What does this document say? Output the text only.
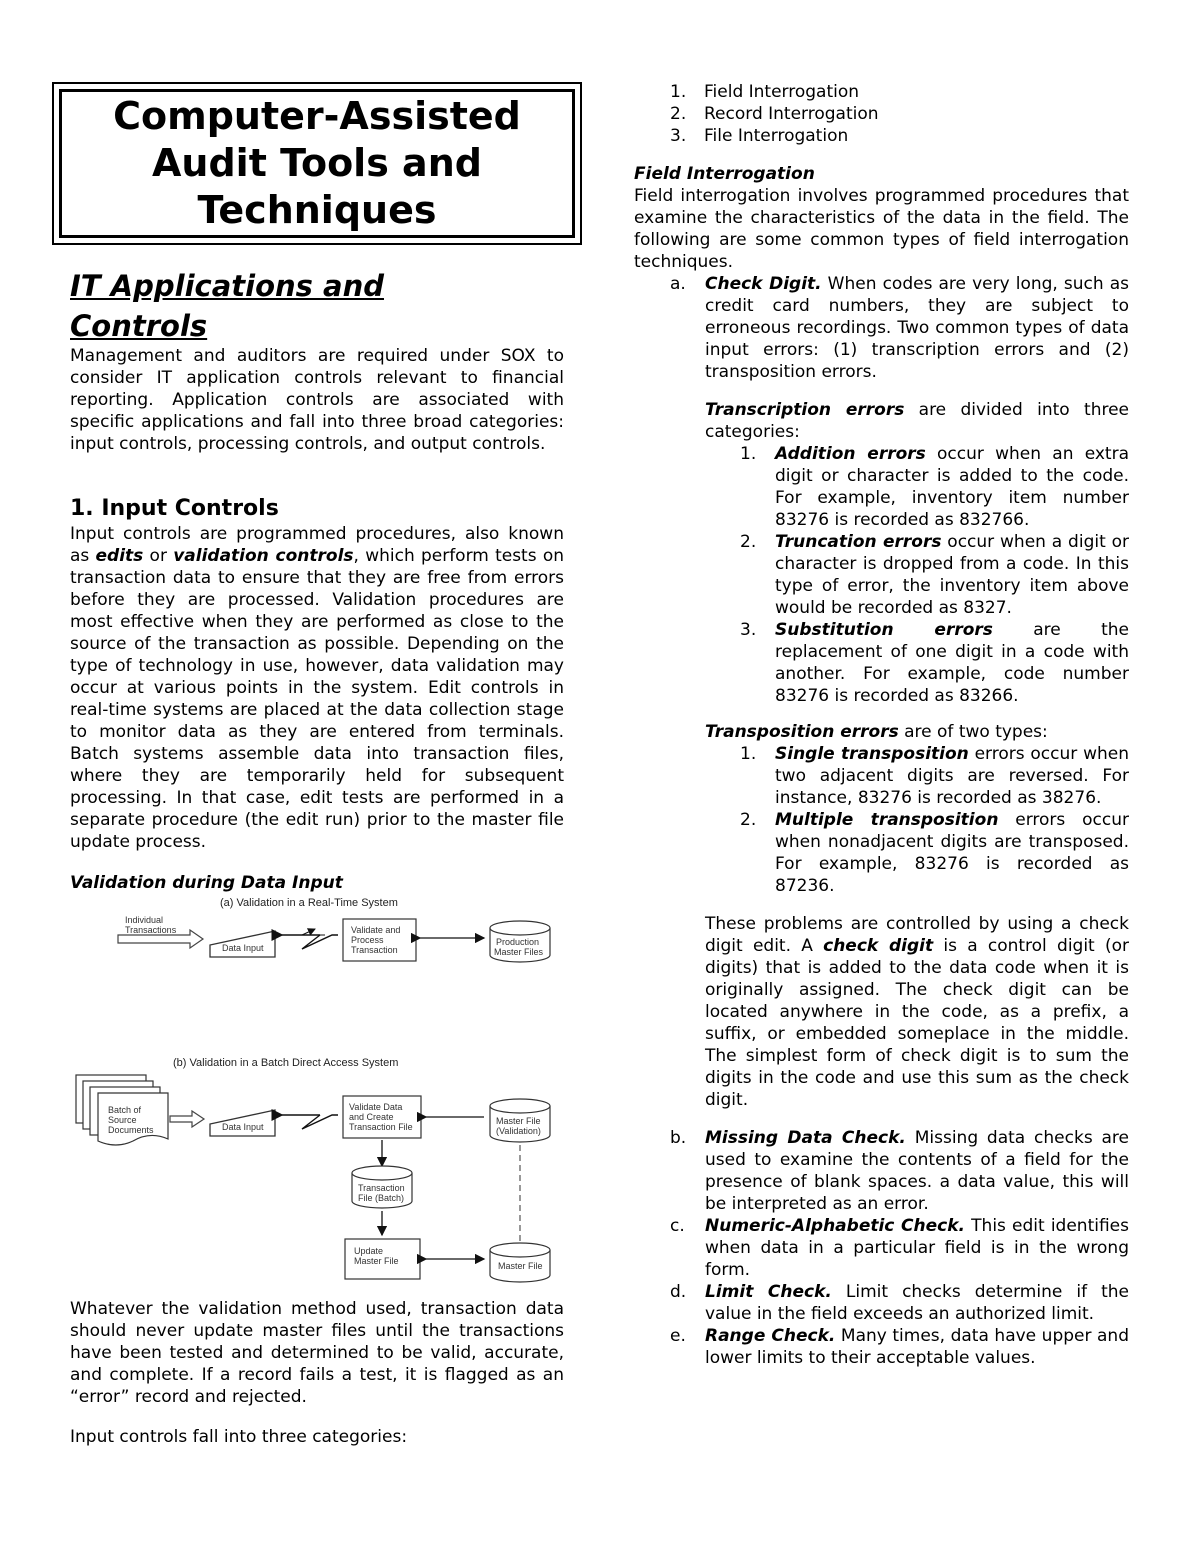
Computer-Assisted Audit Tools and Techniques
IT Applications and Controls

Management and auditors are required under SOX to consider IT application controls relevant to financial reporting. Application controls are associated with specific applications and fall into three broad categories: input controls, processing controls, and output controls.

1. Input Controls

Input controls are programmed procedures, also known as edits or validation controls, which perform tests on transaction data to ensure that they are free from errors before they are processed. Validation procedures are most effective when they are performed as close to the source of the transaction as possible. Depending on the type of technology in use, however, data validation may occur at various points in the system. Edit controls in real-time systems are placed at the data collection stage to monitor data as they are entered from terminals. Batch systems assemble data into transaction files, where they are temporarily held for subsequent processing. In that case, edit tests are performed in a separate procedure (the edit run) prior to the master file update process.

Validation during Data Input

Whatever the validation method used, transaction data should never update master files until the transactions have been tested and determined to be valid, accurate, and complete. If a record fails a test, it is flagged as an “error” record and rejected.

Input controls fall into three categories:

(a) Validation in a Real-Time System
Individual
Transactions
Data Input
Validate and
Process
Transaction
Production
Master Files
(b) Validation in a Batch Direct Access System
Batch of
Source
Documents	Data Input
Validate Data
and Create
Transaction File
Master File
(Validation)
Transaction
File (Batch)
Update
Master File	Master File
1. Field Interrogation
2. Record Interrogation
3. File Interrogation

Field Interrogation

Field interrogation involves programmed procedures that examine the characteristics of the data in the field. The following are some common types of field interrogation techniques.

a. Check Digit. When codes are very long, such as credit card numbers, they are subject to erroneous recordings. Two common types of data input errors: (1) transcription errors and (2) transposition errors.
Transcription errors are divided into three categories:
1. Addition errors occur when an extra digit or character is added to the code. For example, inventory item number 83276 is recorded as 832766.
2. Truncation errors occur when a digit or character is dropped from a code. In this type of error, the inventory item above would be recorded as 8327.
3. Substitution errors are the replacement of one digit in a code with another. For example, code number 83276 is recorded as 83266.
Transposition errors are of two types:
1. Single transposition errors occur when two adjacent digits are reversed. For instance, 83276 is recorded as 38276.
2. Multiple transposition errors occur when nonadjacent digits are transposed. For example, 83276 is recorded as 87236.
These problems are controlled by using a check digit edit. A check digit is a control digit (or digits) that is added to the data code when it is originally assigned. The check digit can be located anywhere in the code, as a prefix, a suffix, or embedded someplace in the middle. The simplest form of check digit is to sum the digits in the code and use this sum as the check digit.
b. Missing Data Check. Missing data checks are used to examine the contents of a field for the presence of blank spaces. a data value, this will be interpreted as an error.
c. Numeric-Alphabetic Check. This edit identifies when data in a particular field is in the wrong form.
d. Limit Check. Limit checks determine if the value in the field exceeds an authorized limit.
e. Range Check. Many times, data have upper and lower limits to their acceptable values.
